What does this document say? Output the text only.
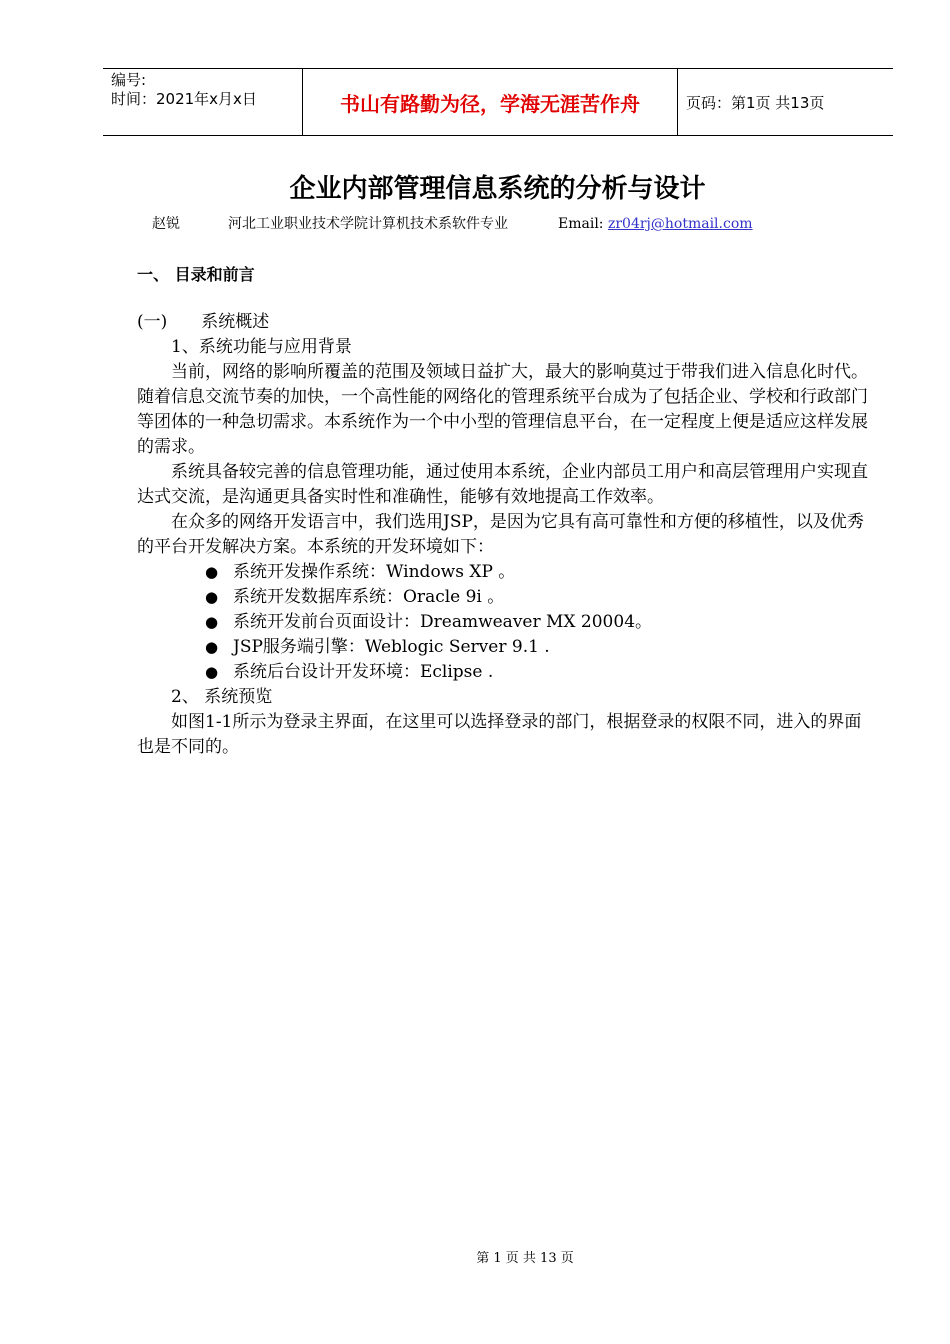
编号:
时间：2021年x月x日	书山有路勤为径，学海无涯苦作舟	页码：第1页 共13页
企业内部管理信息系统的分析与设计
赵锐	河北工业职业技术学院计算机技术系软件专业	Email: zr04rj@hotmail.com
一、 目录和前言

(一) 系统概述

1、系统功能与应用背景

当前，网络的影响所覆盖的范围及领域日益扩大，最大的影响莫过于带我们进入信息化时代。随着信息交流节奏的加快，一个高性能的网络化的管理系统平台成为了包括企业、学校和行政部门等团体的一种急切需求。本系统作为一个中小型的管理信息平台，在一定程度上便是适应这样发展的需求。

系统具备较完善的信息管理功能，通过使用本系统，企业内部员工用户和高层管理用户实现直达式交流，是沟通更具备实时性和准确性，能够有效地提高工作效率。

在众多的网络开发语言中，我们选用JSP，是因为它具有高可靠性和方便的移植性，以及优秀的平台开发解决方案。本系统的开发环境如下：

● 系统开发操作系统：Windows XP 。
● 系统开发数据库系统：Oracle 9i 。
● 系统开发前台页面设计：Dreamweaver MX 20004。
● JSP服务端引擎：Weblogic Server 9.1 .
● 系统后台设计开发环境：Eclipse .

2、 系统预览

如图1-1所示为登录主界面，在这里可以选择登录的部门，根据登录的权限不同，进入的界面也是不同的。

第 1 页 共 13 页
